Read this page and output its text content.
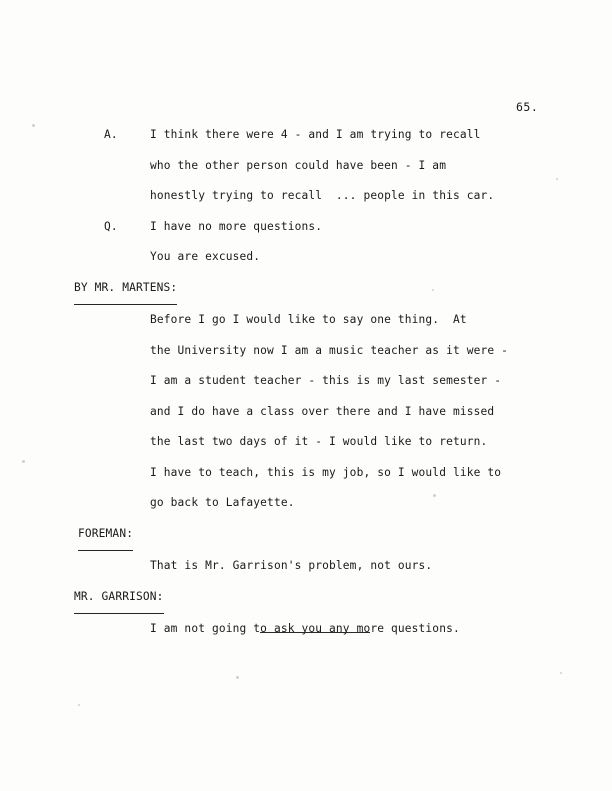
65.
A.	I think there were 4 - and I am trying to recall
who the other person could have been - I am
honestly trying to recall  ... people in this car.
Q.	I have no more questions.
You are excused.
BY MR. MARTENS:
Before I go I would like to say one thing.  At
the University now I am a music teacher as it were -
I am a student teacher - this is my last semester -
and I do have a class over there and I have missed
the last two days of it - I would like to return.
I have to teach, this is my job, so I would like to
go back to Lafayette.
FOREMAN:
That is Mr. Garrison's problem, not ours.
MR. GARRISON:
I am not going to ask you any more questions.
